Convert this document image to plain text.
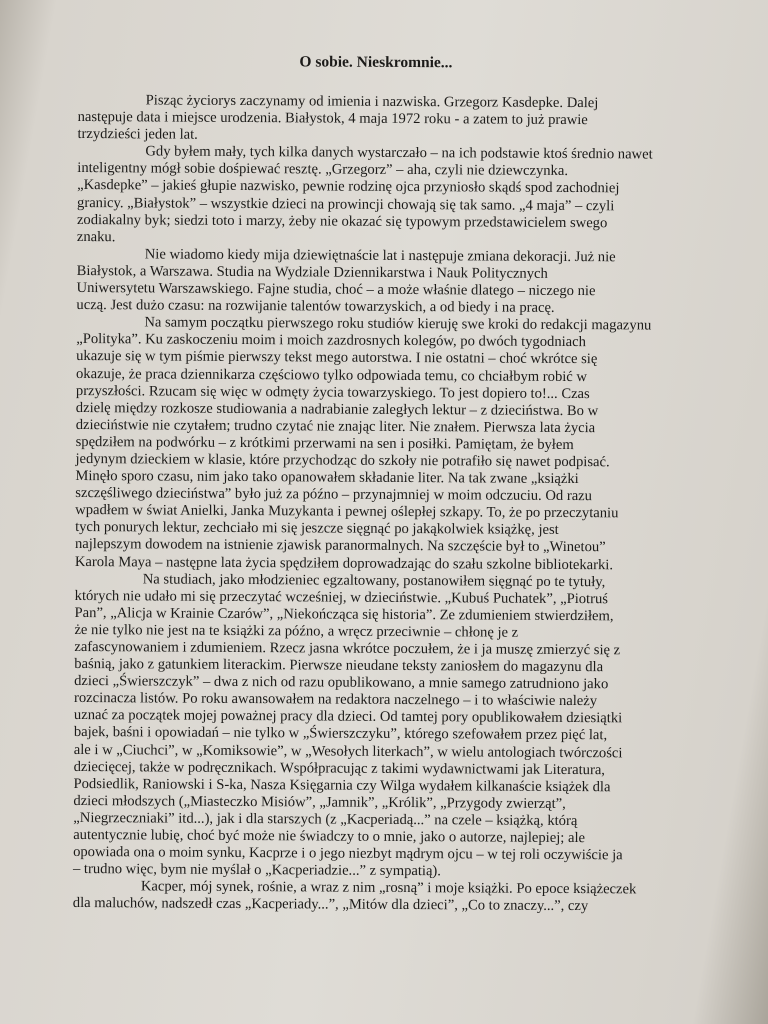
O sobie. Nieskromnie...

Pisząc życiorys zaczynamy od imienia i nazwiska. Grzegorz Kasdepke. Dalej
następuje data i miejsce urodzenia. Białystok, 4 maja 1972 roku - a zatem to już prawie
trzydzieści jeden lat.

Gdy byłem mały, tych kilka danych wystarczało – na ich podstawie ktoś średnio nawet
inteligentny mógł sobie dośpiewać resztę. „Grzegorz” – aha, czyli nie dziewczynka.
„Kasdepke” – jakieś głupie nazwisko, pewnie rodzinę ojca przyniosło skądś spod zachodniej
granicy. „Białystok” – wszystkie dzieci na prowincji chowają się tak samo. „4 maja” – czyli
zodiakalny byk; siedzi toto i marzy, żeby nie okazać się typowym przedstawicielem swego
znaku.

Nie wiadomo kiedy mija dziewiętnaście lat i następuje zmiana dekoracji. Już nie
Białystok, a Warszawa. Studia na Wydziale Dziennikarstwa i Nauk Politycznych
Uniwersytetu Warszawskiego. Fajne studia, choć – a może właśnie dlatego – niczego nie
uczą. Jest dużo czasu: na rozwijanie talentów towarzyskich, a od biedy i na pracę.

Na samym początku pierwszego roku studiów kieruję swe kroki do redakcji magazynu
„Polityka”. Ku zaskoczeniu moim i moich zazdrosnych kolegów, po dwóch tygodniach
ukazuje się w tym piśmie pierwszy tekst mego autorstwa. I nie ostatni – choć wkrótce się
okazuje, że praca dziennikarza częściowo tylko odpowiada temu, co chciałbym robić w
przyszłości. Rzucam się więc w odmęty życia towarzyskiego. To jest dopiero to!... Czas
dzielę między rozkosze studiowania a nadrabianie zaległych lektur – z dzieciństwa. Bo w
dzieciństwie nie czytałem; trudno czytać nie znając liter. Nie znałem. Pierwsza lata życia
spędziłem na podwórku – z krótkimi przerwami na sen i posiłki. Pamiętam, że byłem
jedynym dzieckiem w klasie, które przychodząc do szkoły nie potrafiło się nawet podpisać.
Minęło sporo czasu, nim jako tako opanowałem składanie liter. Na tak zwane „książki
szczęśliwego dzieciństwa” było już za późno – przynajmniej w moim odczuciu. Od razu
wpadłem w świat Anielki, Janka Muzykanta i pewnej oślepłej szkapy. To, że po przeczytaniu
tych ponurych lektur, zechciało mi się jeszcze sięgnąć po jakąkolwiek książkę, jest
najlepszym dowodem na istnienie zjawisk paranormalnych. Na szczęście był to „Winetou”
Karola Maya – następne lata życia spędziłem doprowadzając do szału szkolne bibliotekarki.

Na studiach, jako młodzieniec egzaltowany, postanowiłem sięgnąć po te tytuły,
których nie udało mi się przeczytać wcześniej, w dzieciństwie. „Kubuś Puchatek”, „Piotruś
Pan”, „Alicja w Krainie Czarów”, „Niekończąca się historia”. Ze zdumieniem stwierdziłem,
że nie tylko nie jest na te książki za późno, a wręcz przeciwnie – chłonę je z
zafascynowaniem i zdumieniem. Rzecz jasna wkrótce poczułem, że i ja muszę zmierzyć się z
baśnią, jako z gatunkiem literackim. Pierwsze nieudane teksty zaniosłem do magazynu dla
dzieci „Świerszczyk” – dwa z nich od razu opublikowano, a mnie samego zatrudniono jako
rozcinacza listów. Po roku awansowałem na redaktora naczelnego – i to właściwie należy
uznać za początek mojej poważnej pracy dla dzieci. Od tamtej pory opublikowałem dziesiątki
bajek, baśni i opowiadań – nie tylko w „Świerszczyku”, którego szefowałem przez pięć lat,
ale i w „Ciuchci”, w „Komiksowie”, w „Wesołych literkach”, w wielu antologiach twórczości
dziecięcej, także w podręcznikach. Współpracując z takimi wydawnictwami jak Literatura,
Podsiedlik, Raniowski i S-ka, Nasza Księgarnia czy Wilga wydałem kilkanaście książek dla
dzieci młodszych („Miasteczko Misiów”, „Jamnik”, „Królik”, „Przygody zwierząt”,
„Niegrzeczniaki” itd...), jak i dla starszych (z „Kacperiadą...” na czele – książką, którą
autentycznie lubię, choć być może nie świadczy to o mnie, jako o autorze, najlepiej; ale
opowiada ona o moim synku, Kacprze i o jego niezbyt mądrym ojcu – w tej roli oczywiście ja
– trudno więc, bym nie myślał o „Kacperiadzie...” z sympatią).

Kacper, mój synek, rośnie, a wraz z nim „rosną” i moje książki. Po epoce książeczek
dla maluchów, nadszedł czas „Kacperiady...”, „Mitów dla dzieci”, „Co to znaczy...”, czy
